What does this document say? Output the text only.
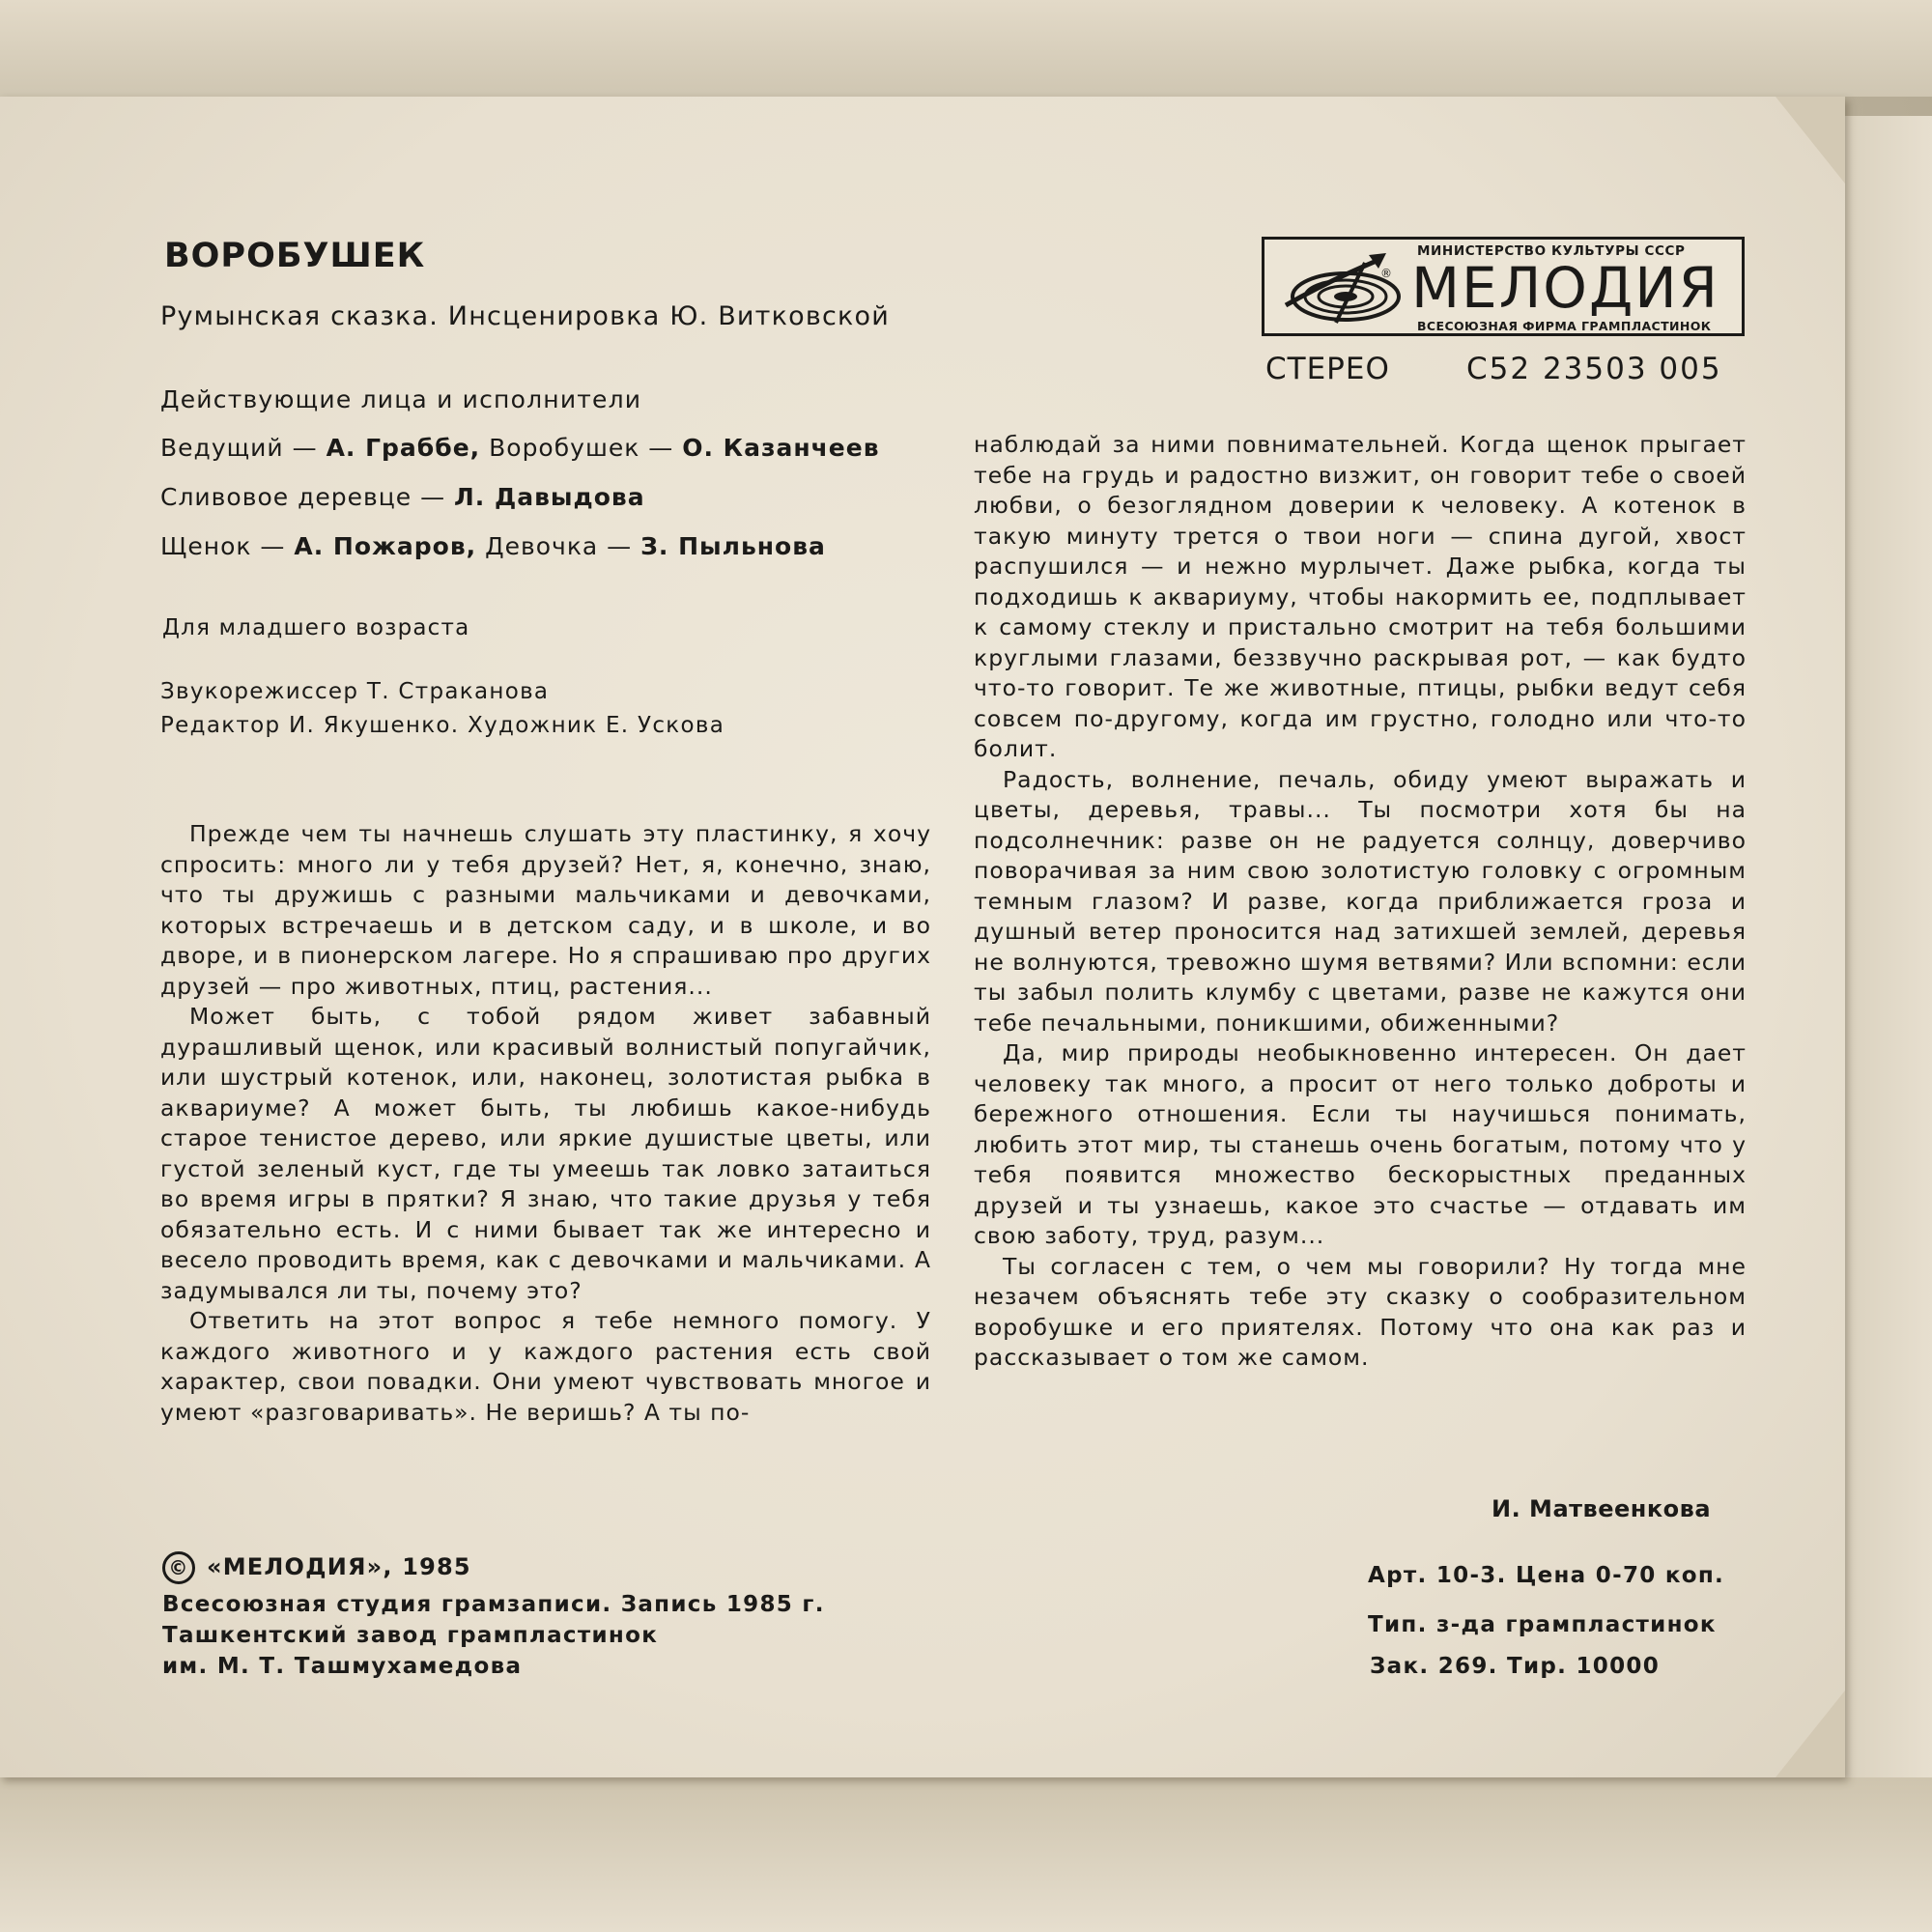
ВОРОБУШЕК
Румынская сказка. Инсценировка Ю. Витковской
Действующие лица и исполнители
Ведущий — А. Граббе, Воробушек — О. Казанчеев
Сливовое деревце — Л. Давыдова
Щенок — А. Пожаров, Девочка — З. Пыльнова
Для младшего возраста
Звукорежиссер Т. Страканова
Редактор И. Якушенко. Художник Е. Ускова
®
МИНИСТЕРСТВО КУЛЬТУРЫ СССР
МЕЛОДИЯ
ВСЕСОЮЗНАЯ ФИРМА ГРАМПЛАСТИНОК
СТЕРЕО	С52 23503 005

Прежде чем ты начнешь слушать эту пластинку, я хочу спросить: много ли у тебя друзей? Нет, я, конечно, знаю, что ты дружишь с разными мальчиками и девочками, которых встречаешь и в детском саду, и в школе, и во дворе, и в пионерском лагере. Но я спрашиваю про других друзей — про животных, птиц, растения...

Может быть, с тобой рядом живет забавный дурашливый щенок, или красивый волнистый попугайчик, или шустрый котенок, или, наконец, золотистая рыбка в аквариуме? А может быть, ты любишь какое-нибудь старое тенистое дерево, или яркие душистые цветы, или густой зеленый куст, где ты умеешь так ловко затаиться во время игры в прятки? Я знаю, что такие друзья у тебя обязательно есть. И с ними бывает так же интересно и весело проводить время, как с девочками и мальчиками. А задумывался ли ты, почему это?

Ответить на этот вопрос я тебе немного помогу. У каждого животного и у каждого растения есть свой характер, свои повадки. Они умеют чувствовать многое и умеют «разговаривать». Не веришь? А ты по-

наблюдай за ними повнимательней. Когда щенок прыгает тебе на грудь и радостно визжит, он говорит тебе о своей любви, о безоглядном доверии к человеку. А котенок в такую минуту трется о твои ноги — спина дугой, хвост распушился — и нежно мурлычет. Даже рыбка, когда ты подходишь к аквариуму, чтобы накормить ее, подплывает к самому стеклу и пристально смотрит на тебя большими круглыми глазами, беззвучно раскрывая рот, — как будто что-то говорит. Те же животные, птицы, рыбки ведут себя совсем по-другому, когда им грустно, голодно или что-то болит.

Радость, волнение, печаль, обиду умеют выражать и цветы, деревья, травы... Ты посмотри хотя бы на подсолнечник: разве он не радуется солнцу, доверчиво поворачивая за ним свою золотистую головку с огромным темным глазом? И разве, когда приближается гроза и душный ветер проносится над затихшей землей, деревья не волнуются, тревожно шумя ветвями? Или вспомни: если ты забыл полить клумбу с цветами, разве не кажутся они тебе печальными, поникшими, обиженными?

Да, мир природы необыкновенно интересен. Он дает человеку так много, а просит от него только доброты и бережного отношения. Если ты научишься понимать, любить этот мир, ты станешь очень богатым, потому что у тебя появится множество бескорыстных преданных друзей и ты узнаешь, какое это счастье — отдавать им свою заботу, труд, разум...

Ты согласен с тем, о чем мы говорили? Ну тогда мне незачем объяснять тебе эту сказку о сообразительном воробушке и его приятелях. Потому что она как раз и рассказывает о том же самом.

И. Матвеенкова
© «МЕЛОДИЯ», 1985
Всесоюзная студия грамзаписи. Запись 1985 г.
Ташкентский завод грампластинок
им. М. Т. Ташмухамедова
Арт. 10-3. Цена 0-70 коп.
Тип. з-да грампластинок
Зак. 269. Тир. 10000
